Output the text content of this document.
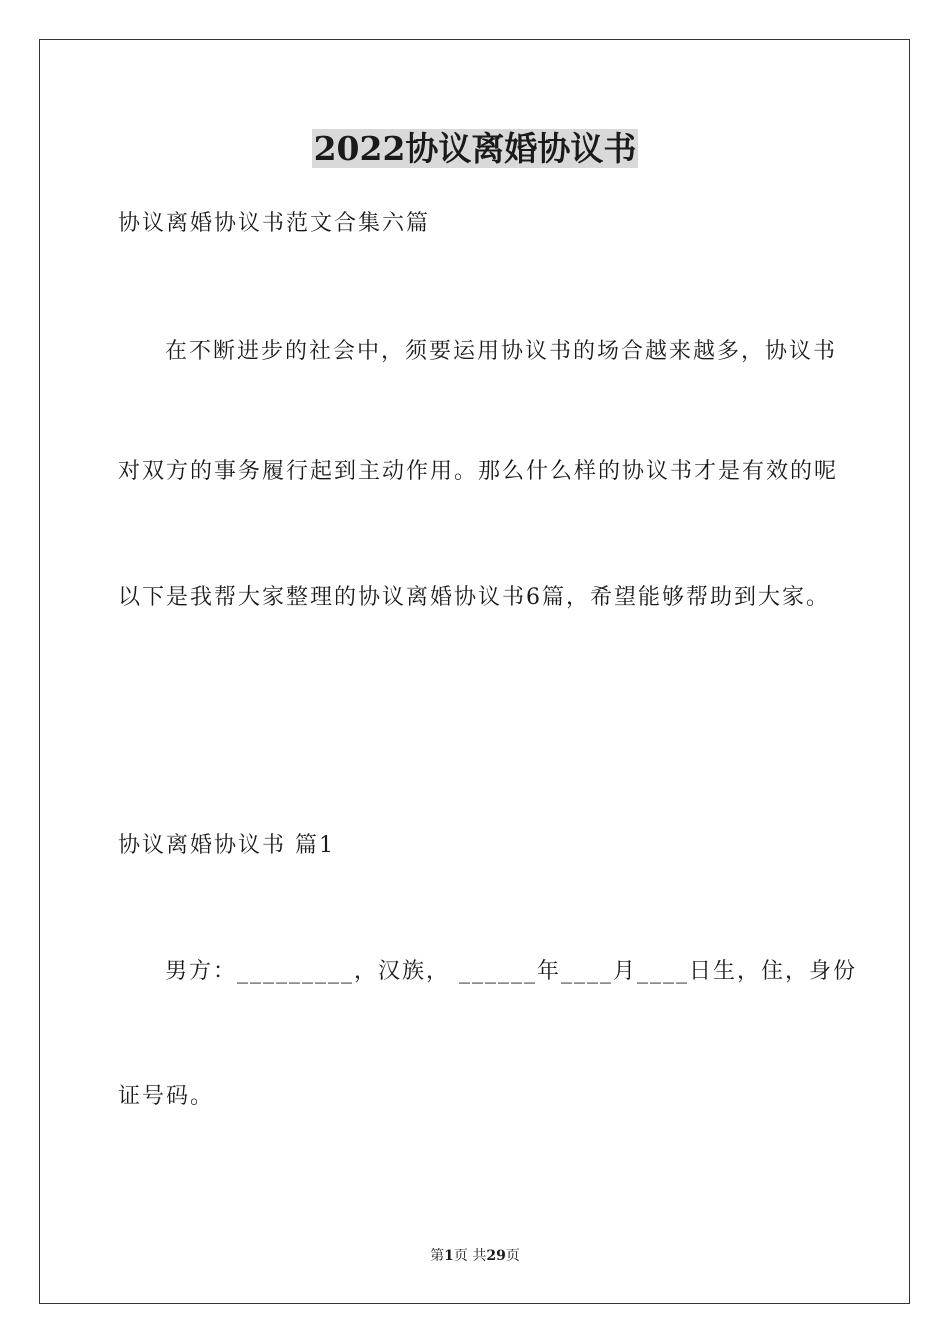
2022协议离婚协议书
协议离婚协议书范文合集六篇
在不断进步的社会中，须要运用协议书的场合越来越多，协议书
对双方的事务履行起到主动作用。那么什么样的协议书才是有效的呢
以下是我帮大家整理的协议离婚协议书6篇，希望能够帮助到大家。
协议离婚协议书 篇1
男方：_________，汉族， ______年____月____日生，住，身份
证号码。
第1页 共29页
